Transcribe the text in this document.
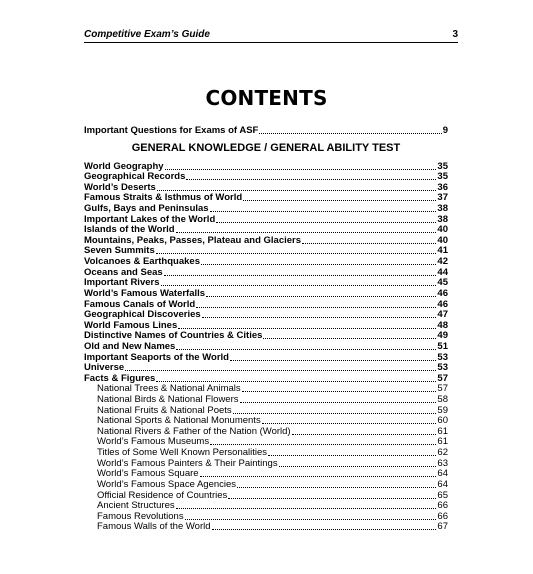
Competitive Exam’s Guide	3
CONTENTS
Important Questions for Exams of ASF	9
GENERAL KNOWLEDGE / GENERAL ABILITY TEST
World Geography	35
Geographical Records	35
World’s Deserts	36
Famous Straits & Isthmus of World	37
Gulfs, Bays and Peninsulas	38
Important Lakes of the World	38
Islands of the World	40
Mountains, Peaks, Passes, Plateau and Glaciers	40
Seven Summits	41
Volcanoes & Earthquakes	42
Oceans and Seas	44
Important Rivers	45
World’s Famous Waterfalls	46
Famous Canals of World	46
Geographical Discoveries	47
World Famous Lines	48
Distinctive Names of Countries & Cities	49
Old and New Names	51
Important Seaports of the World	53
Universe	53
Facts & Figures	57
National Trees & National Animals	57
National Birds & National Flowers	58
National Fruits & National Poets	59
National Sports & National Monuments	60
National Rivers & Father of the Nation (World)	61
World’s Famous Museums	61
Titles of Some Well Known Personalities	62
World’s Famous Painters & Their Paintings	63
World’s Famous Square	64
World’s Famous Space Agencies	64
Official Residence of Countries	65
Ancient Structures	66
Famous Revolutions	66
Famous Walls of the World	67
